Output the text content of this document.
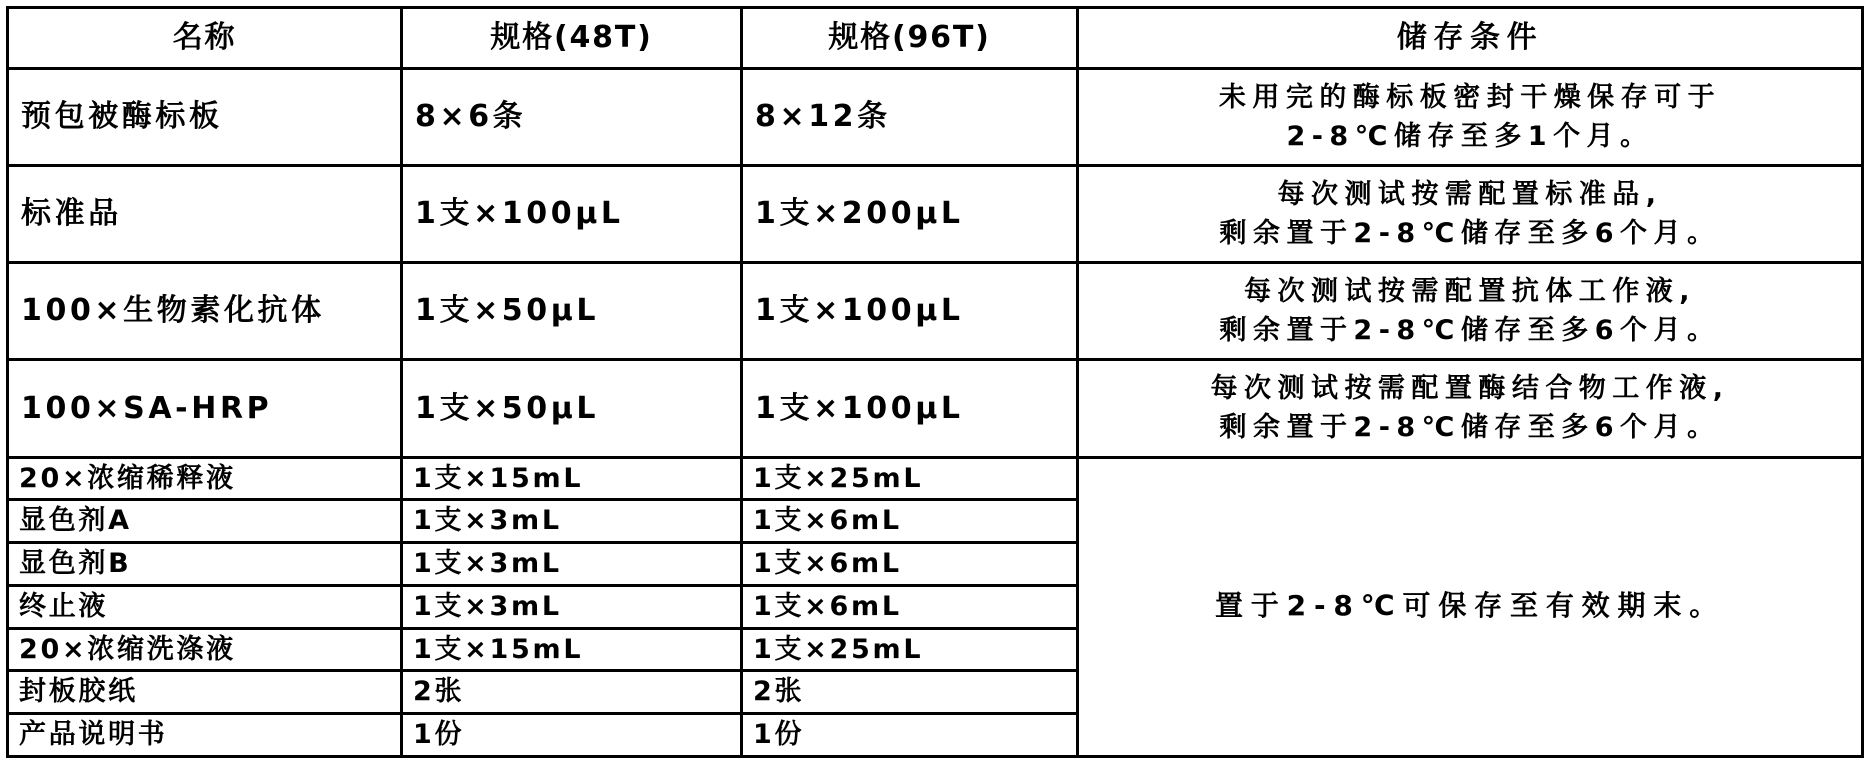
名称	规格(48T)	规格(96T)	储存条件

预包被酶标板	8×6条	8×12条	未用完的酶标板密封干燥保存可于
2-8℃储存至多1个月。

标准品	1支×100μL	1支×200μL	每次测试按需配置标准品,
剩余置于2-8℃储存至多6个月。

100×生物素化抗体	1支×50μL	1支×100μL	每次测试按需配置抗体工作液,
剩余置于2-8℃储存至多6个月。

100×SA-HRP	1支×50μL	1支×100μL	每次测试按需配置酶结合物工作液,
剩余置于2-8℃储存至多6个月。

20×浓缩稀释液	1支×15mL	1支×25mL	置于2-8℃可保存至有效期末。

显色剂A	1支×3mL	1支×6mL	

显色剂B	1支×3mL	1支×6mL	

终止液	1支×3mL	1支×6mL	

20×浓缩洗涤液	1支×15mL	1支×25mL	

封板胶纸	2张	2张	

产品说明书	1份	1份	
